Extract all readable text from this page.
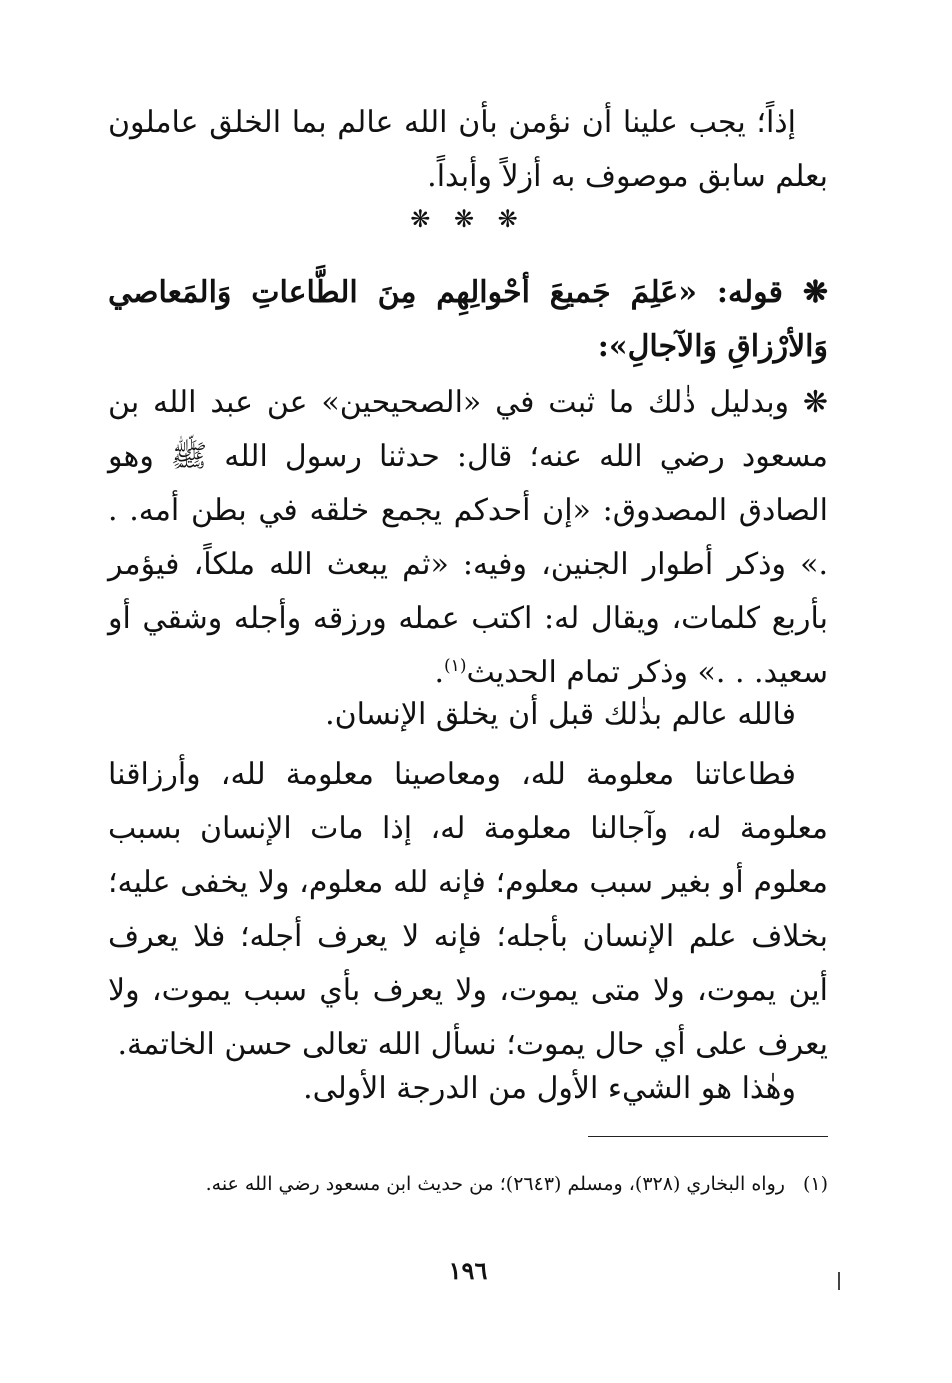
إذاً؛ يجب علينا أن نؤمن بأن الله عالم بما الخلق عاملون بعلم سابق موصوف به أزلاً وأبداً.

❋ ❋ ❋

❋ قوله: «عَلِمَ جَميعَ أحْوالِهِم مِنَ الطَّاعاتِ وَالمَعاصي وَالأرْزاقِ وَالآجالِ»:

❋ وبدليل ذٰلك ما ثبت في «الصحيحين» عن عبد الله بن مسعود رضي الله عنه؛ قال: حدثنا رسول الله ﷺ وهو الصادق المصدوق: «إن أحدكم يجمع خلقه في بطن أمه. . .» وذكر أطوار الجنين، وفيه: «ثم يبعث الله ملكاً، فيؤمر بأربع كلمات، ويقال له: اكتب عمله ورزقه وأجله وشقي أو سعيد. . .» وذكر تمام الحديث$^{(١)}$.

فالله عالم بذٰلك قبل أن يخلق الإنسان.

فطاعاتنا معلومة لله، ومعاصينا معلومة لله، وأرزاقنا معلومة له، وآجالنا معلومة له، إذا مات الإنسان بسبب معلوم أو بغير سبب معلوم؛ فإنه لله معلوم، ولا يخفى عليه؛ بخلاف علم الإنسان بأجله؛ فإنه لا يعرف أجله؛ فلا يعرف أين يموت، ولا متى يموت، ولا يعرف بأي سبب يموت، ولا يعرف على أي حال يموت؛ نسأل الله تعالى حسن الخاتمة.

وهٰذا هو الشيء الأول من الدرجة الأولى.

(١)رواه البخاري (٣٢٨)، ومسلم (٢٦٤٣)؛ من حديث ابن مسعود رضي الله عنه.

١٩٦
